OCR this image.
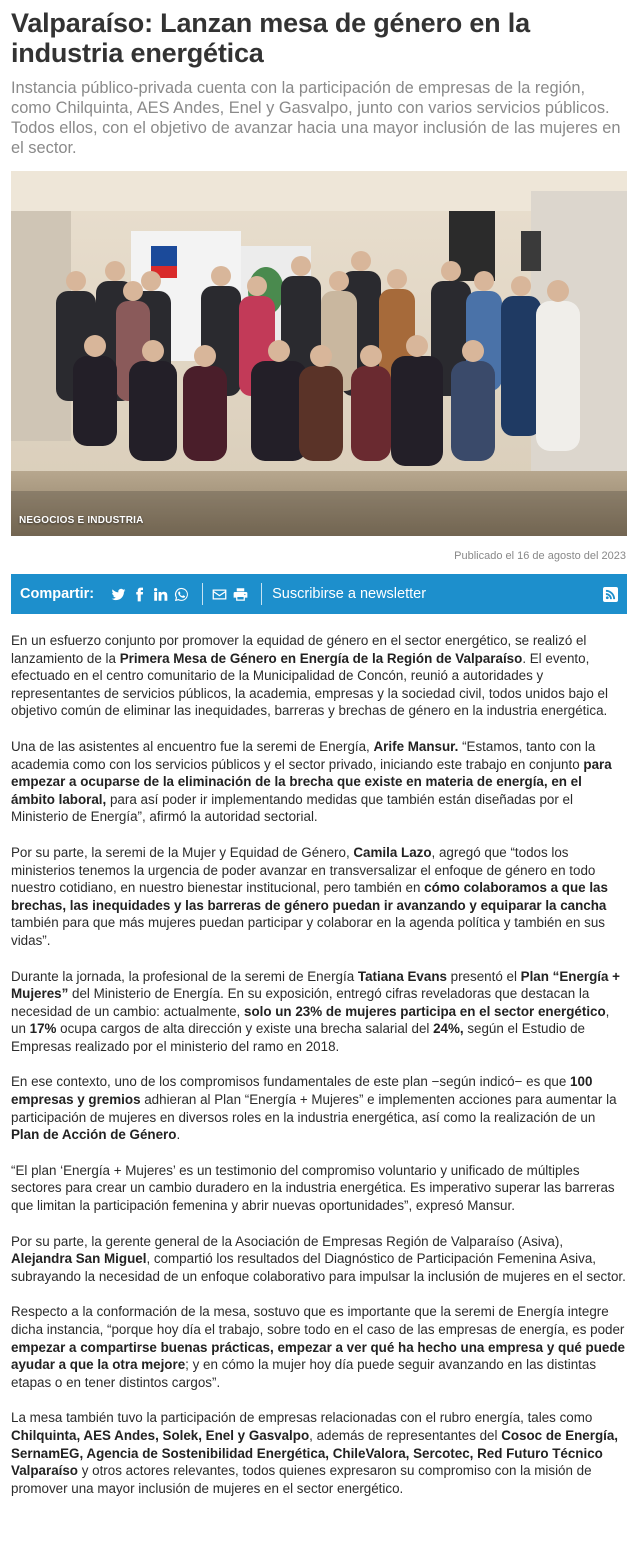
Valparaíso: Lanzan mesa de género en la industria energética

Instancia público-privada cuenta con la participación de empresas de la región, como Chilquinta, AES Andes, Enel y Gasvalpo, junto con varios servicios públicos. Todos ellos, con el objetivo de avanzar hacia una mayor inclusión de las mujeres en el sector.

NEGOCIOS E INDUSTRIA
Publicado el 16 de agosto del 2023
Compartir:	Suscribirse a newsletter

En un esfuerzo conjunto por promover la equidad de género en el sector energético, se realizó el lanzamiento de la Primera Mesa de Género en Energía de la Región de Valparaíso. El evento, efectuado en el centro comunitario de la Municipalidad de Concón, reunió a autoridades y representantes de servicios públicos, la academia, empresas y la sociedad civil, todos unidos bajo el objetivo común de eliminar las inequidades, barreras y brechas de género en la industria energética.

Una de las asistentes al encuentro fue la seremi de Energía, Arife Mansur. “Estamos, tanto con la academia como con los servicios públicos y el sector privado, iniciando este trabajo en conjunto para empezar a ocuparse de la eliminación de la brecha que existe en materia de energía, en el ámbito laboral, para así poder ir implementando medidas que también están diseñadas por el Ministerio de Energía”, afirmó la autoridad sectorial.

Por su parte, la seremi de la Mujer y Equidad de Género, Camila Lazo, agregó que “todos los ministerios tenemos la urgencia de poder avanzar en transversalizar el enfoque de género en todo nuestro cotidiano, en nuestro bienestar institucional, pero también en cómo colaboramos a que las brechas, las inequidades y las barreras de género puedan ir avanzando y equiparar la cancha también para que más mujeres puedan participar y colaborar en la agenda política y también en sus vidas”.

Durante la jornada, la profesional de la seremi de Energía Tatiana Evans presentó el Plan “Energía + Mujeres” del Ministerio de Energía. En su exposición, entregó cifras reveladoras que destacan la necesidad de un cambio: actualmente, solo un 23% de mujeres participa en el sector energético, un 17% ocupa cargos de alta dirección y existe una brecha salarial del 24%, según el Estudio de Empresas realizado por el ministerio del ramo en 2018.

En ese contexto, uno de los compromisos fundamentales de este plan −según indicó− es que 100 empresas y gremios adhieran al Plan “Energía + Mujeres” e implementen acciones para aumentar la participación de mujeres en diversos roles en la industria energética, así como la realización de un Plan de Acción de Género.

“El plan ‘Energía + Mujeres’ es un testimonio del compromiso voluntario y unificado de múltiples sectores para crear un cambio duradero en la industria energética. Es imperativo superar las barreras que limitan la participación femenina y abrir nuevas oportunidades”, expresó Mansur.

Por su parte, la gerente general de la Asociación de Empresas Región de Valparaíso (Asiva), Alejandra San Miguel, compartió los resultados del Diagnóstico de Participación Femenina Asiva, subrayando la necesidad de un enfoque colaborativo para impulsar la inclusión de mujeres en el sector.

Respecto a la conformación de la mesa, sostuvo que es importante que la seremi de Energía integre dicha instancia, “porque hoy día el trabajo, sobre todo en el caso de las empresas de energía, es poder empezar a compartirse buenas prácticas, empezar a ver qué ha hecho una empresa y qué puede ayudar a que la otra mejore; y en cómo la mujer hoy día puede seguir avanzando en las distintas etapas o en tener distintos cargos”.

La mesa también tuvo la participación de empresas relacionadas con el rubro energía, tales como Chilquinta, AES Andes, Solek, Enel y Gasvalpo, además de representantes del Cosoc de Energía, SernamEG, Agencia de Sostenibilidad Energética, ChileValora, Sercotec, Red Futuro Técnico Valparaíso y otros actores relevantes, todos quienes expresaron su compromiso con la misión de promover una mayor inclusión de mujeres en el sector energético.
